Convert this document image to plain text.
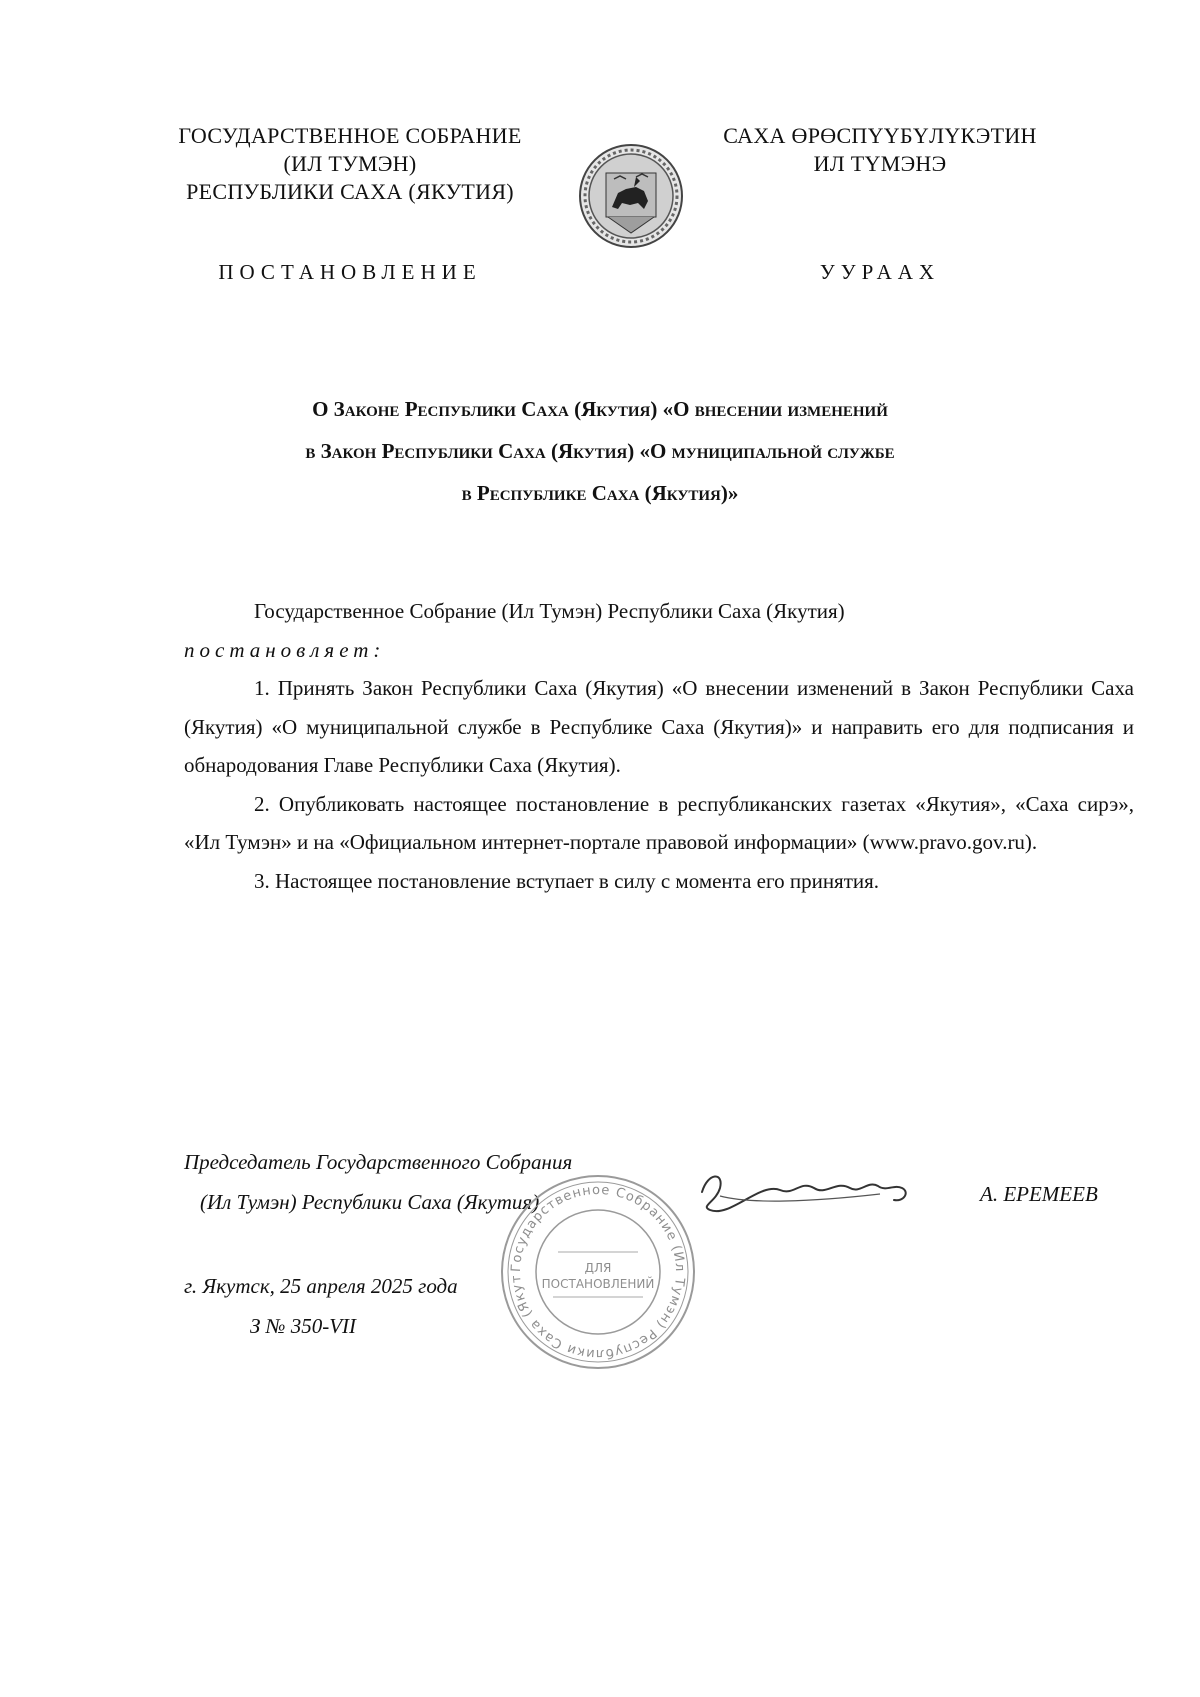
ГОСУДАРСТВЕННОЕ СОБРАНИЕ
(ИЛ ТУМЭН)
РЕСПУБЛИКИ САХА (ЯКУТИЯ)
САХА ӨРӨСПҮҮБҮЛҮКЭТИН
ИЛ ТҮМЭНЭ
ПОСТАНОВЛЕНИЕ	УУРААХ
О Законе Республики Саха (Якутия) «О внесении изменений
в Закон Республики Саха (Якутия) «О муниципальной службе
в Республике Саха (Якутия)»

Государственное Собрание (Ил Тумэн) Республики Саха (Якутия)

постановляет:

1. Принять Закон Республики Саха (Якутия) «О внесении изменений в Закон Республики Саха (Якутия) «О муниципальной службе в Республике Саха (Якутия)» и направить его для подписания и обнародования Главе Республики Саха (Якутия).

2. Опубликовать настоящее постановление в республиканских газетах «Якутия», «Саха сирэ», «Ил Тумэн» и на «Официальном интернет-портале правовой информации» (www.pravo.gov.ru).

3. Настоящее постановление вступает в силу с момента его принятия.

Председатель Государственного Собрания
(Ил Тумэн) Республики Саха (Якутия)
Государственное Собрание (Ил Тумэн) Республики Саха (Якут
ДЛЯ
ПОСТАНОВЛЕНИЙ
А. ЕРЕМЕЕВ
г. Якутск, 25 апреля 2025 года
З № 350-VII
